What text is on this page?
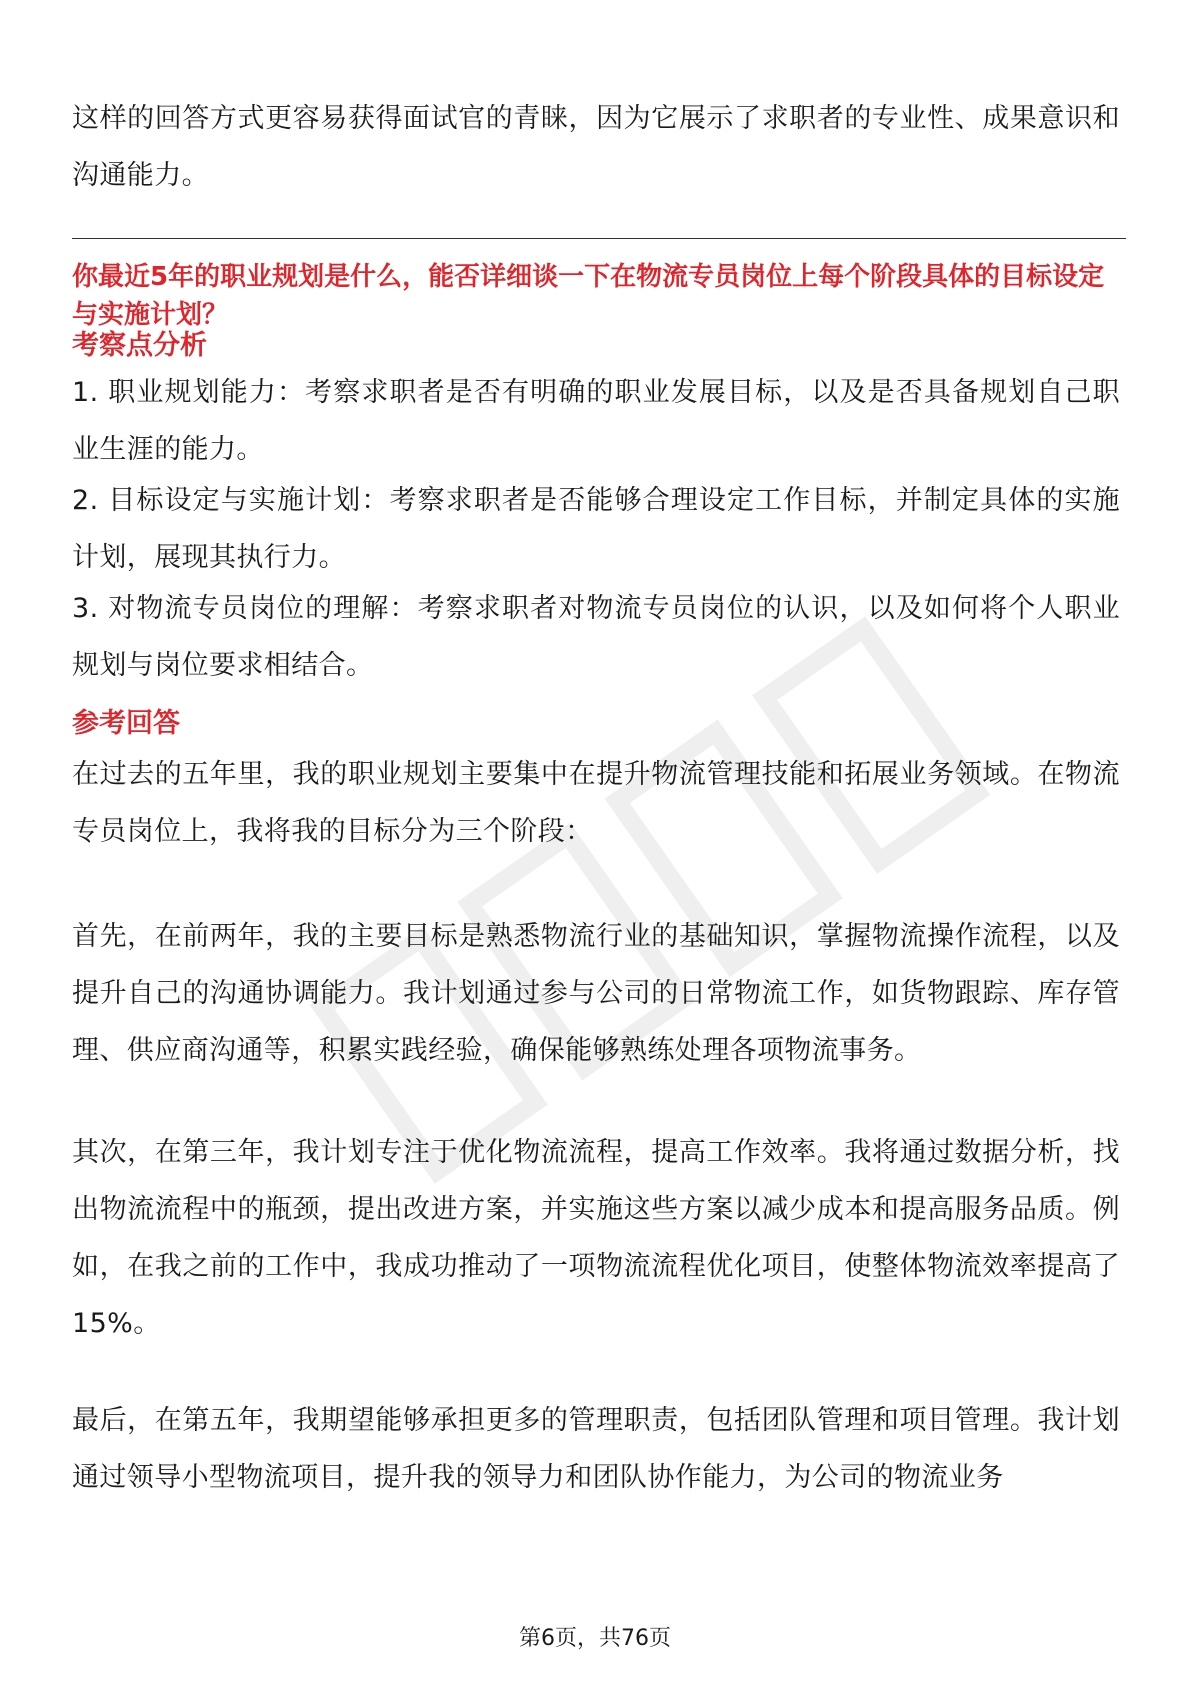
这样的回答方式更容易获得面试官的青睐，因为它展示了求职者的专业性、成果意识和沟通能力。

你最近5年的职业规划是什么，能否详细谈一下在物流专员岗位上每个阶段具体的目标设定与实施计划？

考察点分析

1. 职业规划能力：考察求职者是否有明确的职业发展目标，以及是否具备规划自己职业生涯的能力。

2. 目标设定与实施计划：考察求职者是否能够合理设定工作目标，并制定具体的实施计划，展现其执行力。

3. 对物流专员岗位的理解：考察求职者对物流专员岗位的认识，以及如何将个人职业规划与岗位要求相结合。

参考回答

在过去的五年里，我的职业规划主要集中在提升物流管理技能和拓展业务领域。在物流专员岗位上，我将我的目标分为三个阶段：

首先，在前两年，我的主要目标是熟悉物流行业的基础知识，掌握物流操作流程，以及提升自己的沟通协调能力。我计划通过参与公司的日常物流工作，如货物跟踪、库存管理、供应商沟通等，积累实践经验，确保能够熟练处理各项物流事务。

其次，在第三年，我计划专注于优化物流流程，提高工作效率。我将通过数据分析，找出物流流程中的瓶颈，提出改进方案，并实施这些方案以减少成本和提高服务品质。例如，在我之前的工作中，我成功推动了一项物流流程优化项目，使整体物流效率提高了15%。

最后，在第五年，我期望能够承担更多的管理职责，包括团队管理和项目管理。我计划通过领导小型物流项目，提升我的领导力和团队协作能力，为公司的物流业务

第6页，共76页
